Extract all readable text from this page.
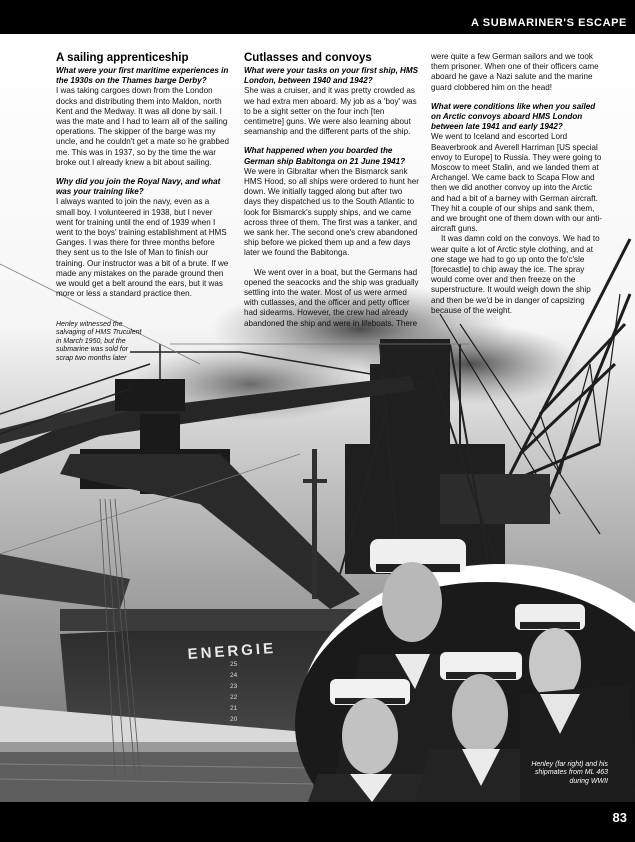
A SUBMARINER'S ESCAPE
ENERGIE
25
24
23
22
21
20
A sailing apprenticeship

What were your first maritime experiences in the 1930s on the Thames barge Derby?

I was taking cargoes down from the London docks and distributing them into Maldon, north Kent and the Medway. It was all done by sail. I was the mate and I had to learn all of the sailing operations. The skipper of the barge was my uncle, and he couldn't get a mate so he grabbed me. This was in 1937, so by the time the war broke out I already knew a bit about sailing.

Why did you join the Royal Navy, and what was your training like?

I always wanted to join the navy, even as a small boy. I volunteered in 1938, but I never went for training until the end of 1939 when I went to the boys' training establishment at HMS Ganges. I was there for three months before they sent us to the Isle of Man to finish our training. Our instructor was a bit of a brute. If we made any mistakes on the parade ground then we would get a belt around the ears, but it was more or less a standard practice then.

Cutlasses and convoys

What were your tasks on your first ship, HMS London, between 1940 and 1942?

She was a cruiser, and it was pretty crowded as we had extra men aboard. My job as a 'boy' was to be a sight setter on the four inch [ten centimetre] guns. We were also learning about seamanship and the different parts of the ship.

What happened when you boarded the German ship Babitonga on 21 June 1941?

We were in Gibraltar when the Bismarck sank HMS Hood, so all ships were ordered to hunt her down. We initially tagged along but after two days they dispatched us to the South Atlantic to look for Bismarck's supply ships, and we came across three of them. The first was a tanker, and we sank her. The second one's crew abandoned ship before we picked them up and a few days later we found the Babitonga.

We went over in a boat, but the Germans had opened the seacocks and the ship was gradually settling into the water. Most of us were armed with cutlasses, and the officer and petty officer had sidearms. However, the crew had already abandoned the ship and were in lifeboats. There

were quite a few German sailors and we took them prisoner. When one of their officers came aboard he gave a Nazi salute and the marine guard clobbered him on the head!

What were conditions like when you sailed on Arctic convoys aboard HMS London between late 1941 and early 1942?

We went to Iceland and escorted Lord Beaverbrook and Averell Harriman [US special envoy to Europe] to Russia. They were going to Moscow to meet Stalin, and we landed them at Archangel. We came back to Scapa Flow and then we did another convoy up into the Arctic and had a bit of a barney with German aircraft. They hit a couple of our ships and sank them, and we brought one of them down with our anti-aircraft guns.

It was damn cold on the convoys. We had to wear quite a lot of Arctic style clothing, and at one stage we had to go up onto the fo'c'sle [forecastle] to chip away the ice. The spray would come over and then freeze on the superstructure. It would weigh down the ship and then be we'd be in danger of capsizing because of the weight.

Henley witnessed the salvaging of HMS Truculent in March 1950, but the submarine was sold for scrap two months later
Henley (far right) and his shipmates from ML 463 during WWII
83
